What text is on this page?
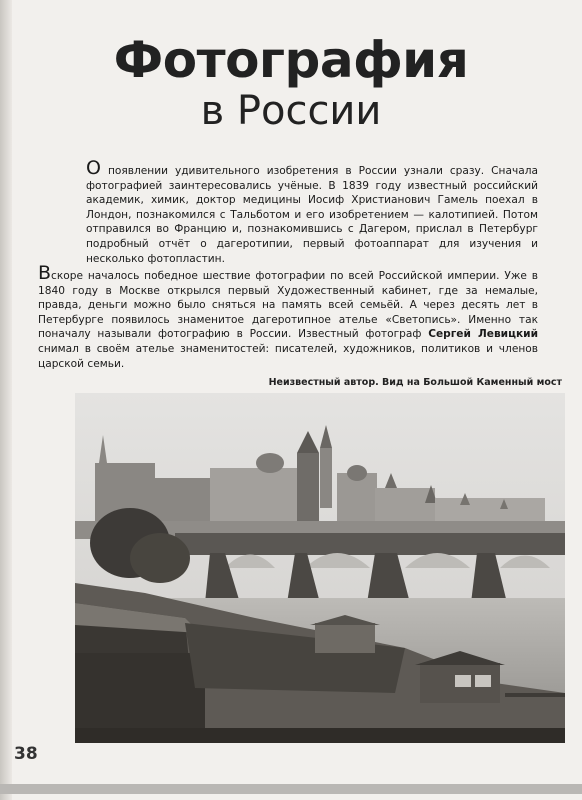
Фотография
в России

О появлении удивительного изобретения в России узнали сразу. Сначала фотографией заинтересовались учёные. В 1839 году известный российский академик, химик, доктор медицины Иосиф Христианович Гамель поехал в Лондон, познакомился с Тальботом и его изобретением — калотипией. Потом отправился во Францию и, познакомившись с Дагером, прислал в Петербург подробный отчёт о дагеротипии, первый фотоаппарат для изучения и несколько фотопластин.

Вскоре началось победное шествие фотографии по всей Российской империи. Уже в 1840 году в Москве открылся первый Художественный кабинет, где за немалые, правда, деньги можно было сняться на память всей семьёй. А через десять лет в Петербурге появилось знаменитое дагеротипное ателье «Светопись». Именно так поначалу называли фотографию в России. Известный фотограф Сергей Левицкий снимал в своём ателье знаменитостей: писателей, художников, политиков и членов царской семьи.

Неизвестный автор. Вид на Большой Каменный мост
38
